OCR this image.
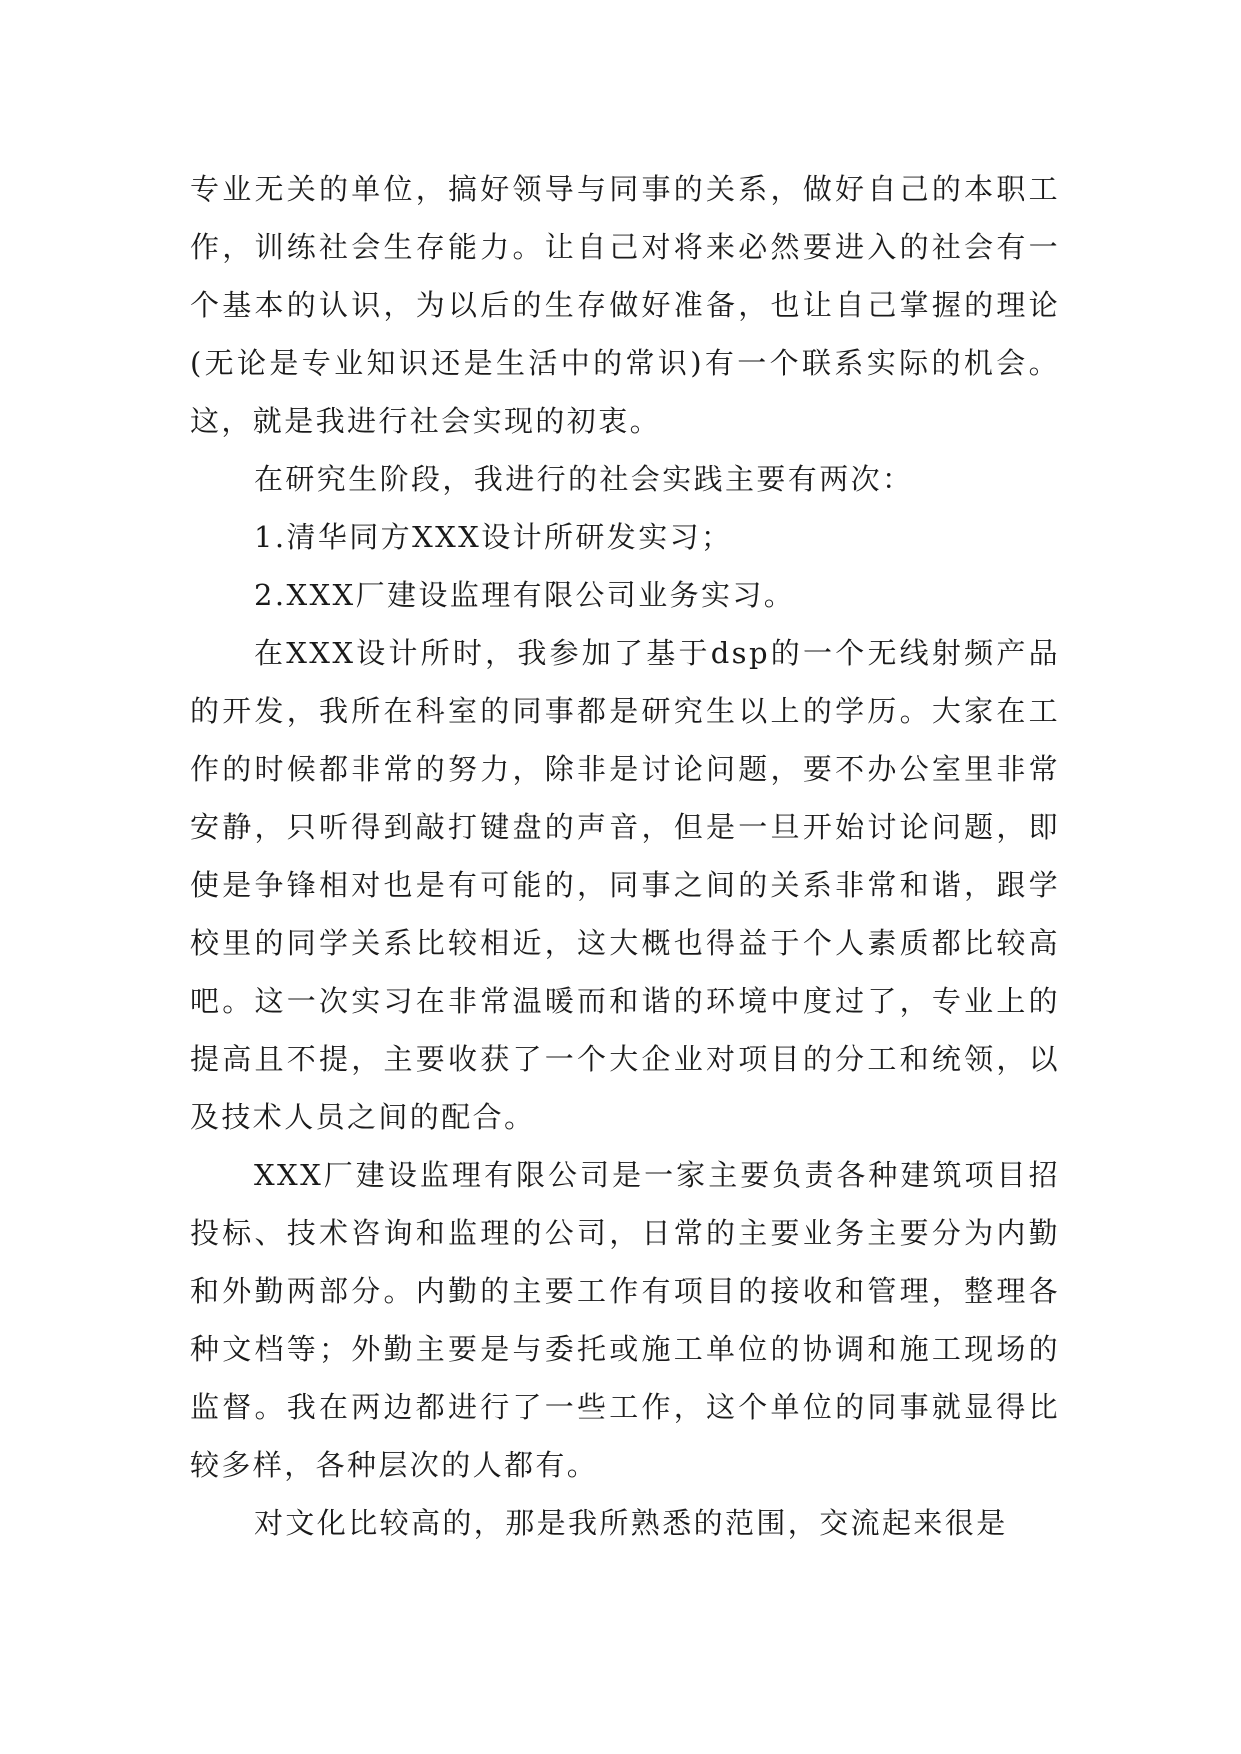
专业无关的单位，搞好领导与同事的关系，做好自己的本职工作，训练社会生存能力。让自己对将来必然要进入的社会有一个基本的认识，为以后的生存做好准备，也让自己掌握的理论(无论是专业知识还是生活中的常识)有一个联系实际的机会。这，就是我进行社会实现的初衷。

在研究生阶段，我进行的社会实践主要有两次：

1.清华同方XXX设计所研发实习；

2.XXX厂建设监理有限公司业务实习。

在XXX设计所时，我参加了基于dsp的一个无线射频产品的开发，我所在科室的同事都是研究生以上的学历。大家在工作的时候都非常的努力，除非是讨论问题，要不办公室里非常安静，只听得到敲打键盘的声音，但是一旦开始讨论问题，即使是争锋相对也是有可能的，同事之间的关系非常和谐，跟学校里的同学关系比较相近，这大概也得益于个人素质都比较高吧。这一次实习在非常温暖而和谐的环境中度过了，专业上的提高且不提，主要收获了一个大企业对项目的分工和统领，以及技术人员之间的配合。

XXX厂建设监理有限公司是一家主要负责各种建筑项目招投标、技术咨询和监理的公司，日常的主要业务主要分为内勤和外勤两部分。内勤的主要工作有项目的接收和管理，整理各种文档等；外勤主要是与委托或施工单位的协调和施工现场的监督。我在两边都进行了一些工作，这个单位的同事就显得比较多样，各种层次的人都有。

对文化比较高的，那是我所熟悉的范围，交流起来很是
